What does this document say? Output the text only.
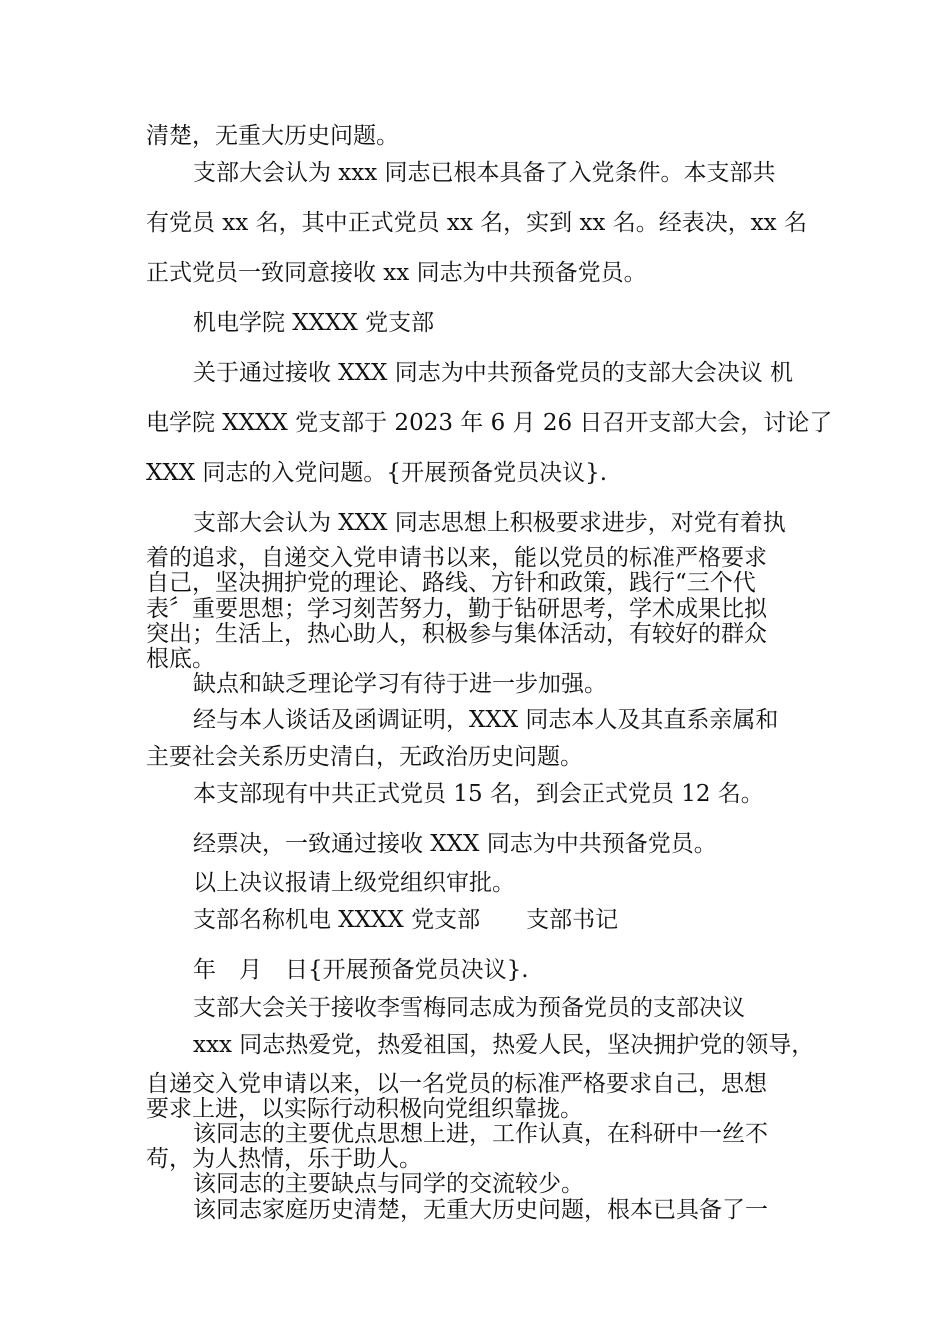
清楚，无重大历史问题。

支部大会认为 xxx 同志已根本具备了入党条件。本支部共

有党员 xx 名，其中正式党员 xx 名，实到 xx 名。经表决，xx 名

正式党员一致同意接收 xx 同志为中共预备党员。

机电学院 XXXX 党支部

关于通过接收 XXX 同志为中共预备党员的支部大会决议 机

电学院 XXXX 党支部于 2023 年 6 月 26 日召开支部大会，讨论了

XXX 同志的入党问题。{开展预备党员决议}.

支部大会认为 XXX 同志思想上积极要求进步，对党有着执

着的追求，自递交入党申请书以来，能以党员的标准严格要求

自己，坚决拥护党的理论、路线、方针和政策，践行“三个代

表〞重要思想；学习刻苦努力，勤于钻研思考，学术成果比拟

突出；生活上，热心助人，积极参与集体活动，有较好的群众

根底。

缺点和缺乏理论学习有待于进一步加强。

经与本人谈话及函调证明，XXX 同志本人及其直系亲属和

主要社会关系历史清白，无政治历史问题。

本支部现有中共正式党员 15 名，到会正式党员 12 名。

经票决，一致通过接收 XXX 同志为中共预备党员。

以上决议报请上级党组织审批。

支部名称机电 XXXX 党支部　　支部书记

年　月　日{开展预备党员决议}.

支部大会关于接收李雪梅同志成为预备党员的支部决议

xxx 同志热爱党，热爱祖国，热爱人民，坚决拥护党的领导，

自递交入党申请以来，以一名党员的标准严格要求自己，思想

要求上进，以实际行动积极向党组织靠拢。

该同志的主要优点思想上进，工作认真，在科研中一丝不

苟，为人热情，乐于助人。

该同志的主要缺点与同学的交流较少。

该同志家庭历史清楚，无重大历史问题，根本已具备了一
